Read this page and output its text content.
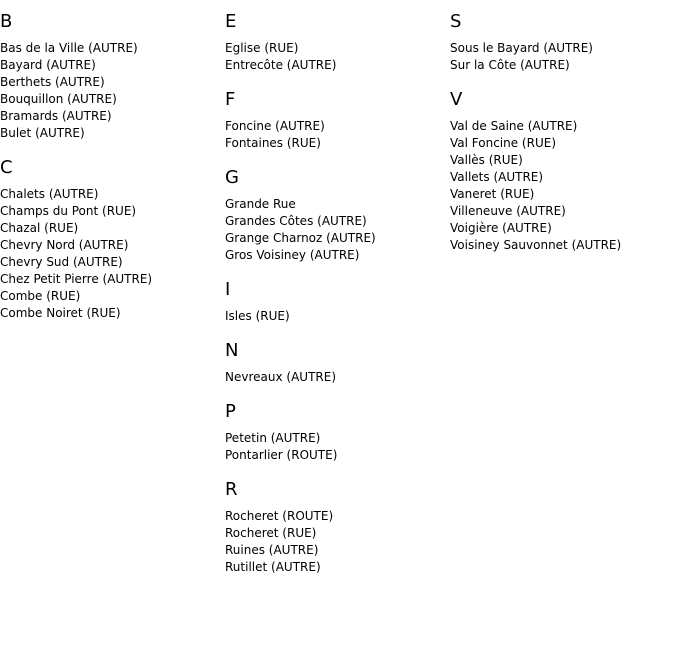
B
Bas de la Ville (AUTRE)
Bayard (AUTRE)
Berthets (AUTRE)
Bouquillon (AUTRE)
Bramards (AUTRE)
Bulet (AUTRE)
C
Chalets (AUTRE)
Champs du Pont (RUE)
Chazal (RUE)
Chevry Nord (AUTRE)
Chevry Sud (AUTRE)
Chez Petit Pierre (AUTRE)
Combe (RUE)
Combe Noiret (RUE)
E
Eglise (RUE)
Entrecôte (AUTRE)
F
Foncine (AUTRE)
Fontaines (RUE)
G
Grande Rue
Grandes Côtes (AUTRE)
Grange Charnoz (AUTRE)
Gros Voisiney (AUTRE)
I
Isles (RUE)
N
Nevreaux (AUTRE)
P
Petetin (AUTRE)
Pontarlier (ROUTE)
R
Rocheret (ROUTE)
Rocheret (RUE)
Ruines (AUTRE)
Rutillet (AUTRE)
S
Sous le Bayard (AUTRE)
Sur la Côte (AUTRE)
V
Val de Saine (AUTRE)
Val Foncine (RUE)
Vallès (RUE)
Vallets (AUTRE)
Vaneret (RUE)
Villeneuve (AUTRE)
Voigière (AUTRE)
Voisiney Sauvonnet (AUTRE)
